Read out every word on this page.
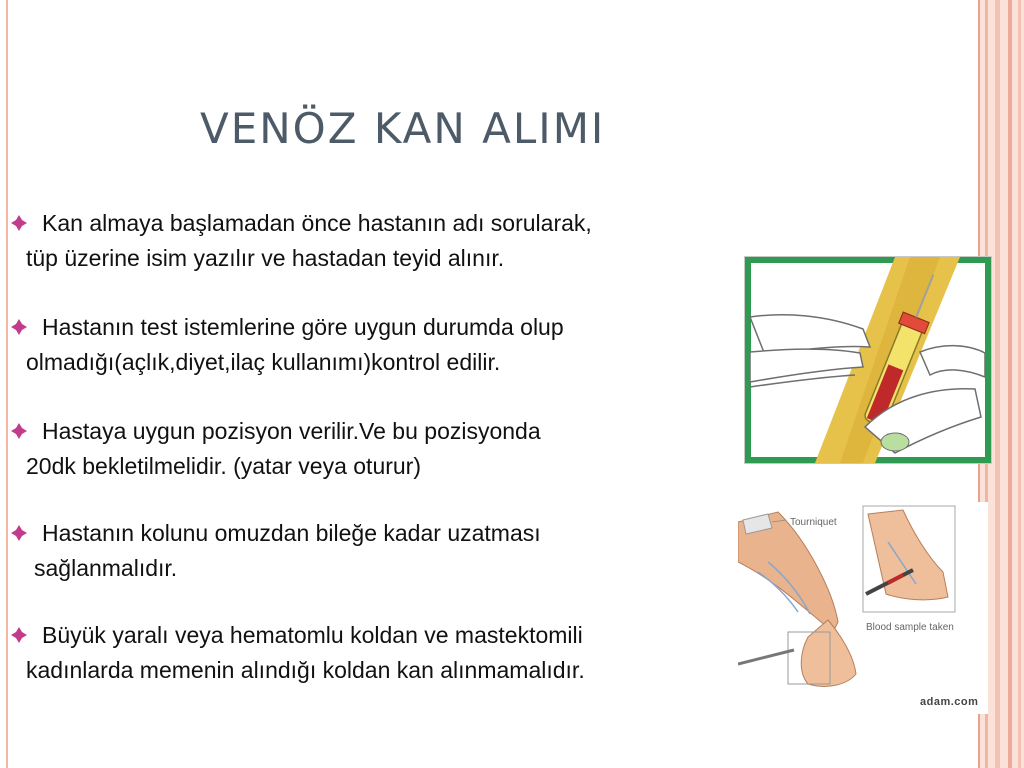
VENÖZ KAN ALIMI
Kan almaya başlamadan önce hastanın adı sorularak,
tüp üzerine isim yazılır ve hastadan teyid alınır.
Hastanın test istemlerine göre uygun durumda olup
olmadığı(açlık,diyet,ilaç kullanımı)kontrol edilir.
Hastaya uygun pozisyon verilir.Ve bu pozisyonda
20dk bekletilmelidir. (yatar veya oturur)
Hastanın kolunu omuzdan bileğe kadar uzatması
sağlanmalıdır.
Büyük yaralı veya hematomlu koldan ve mastektomili
kadınlarda memenin alındığı koldan kan alınmamalıdır.
Tourniquet
Blood sample taken
adam.com
